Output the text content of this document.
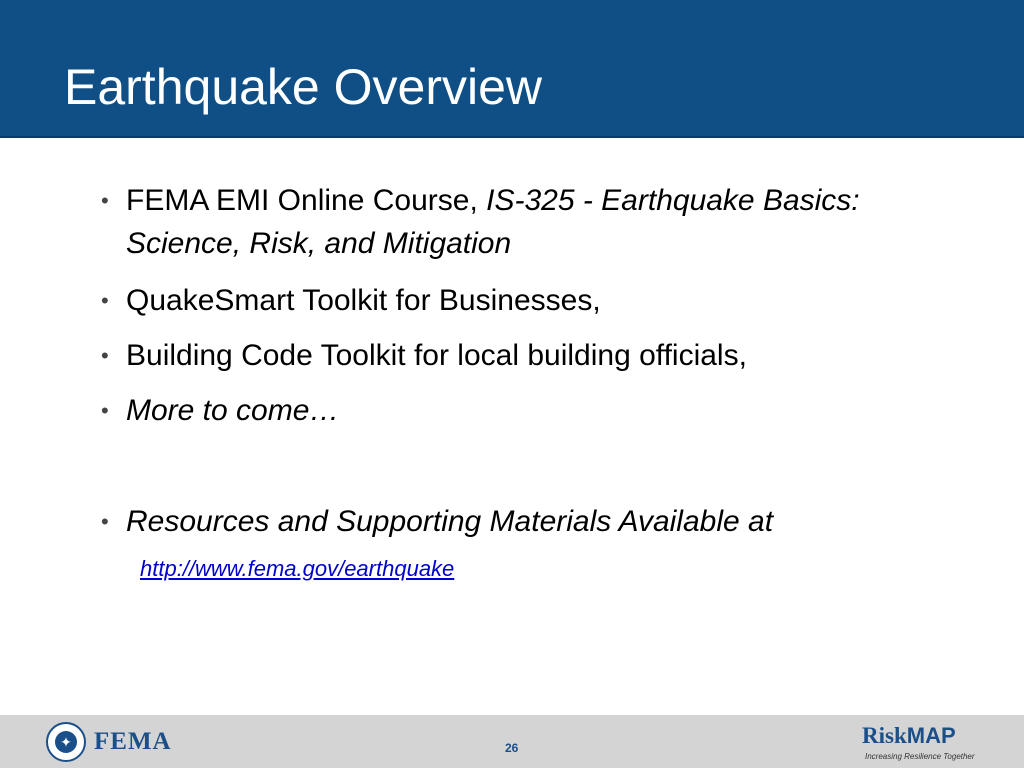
Earthquake Overview
• FEMA EMI Online Course, IS-325 - Earthquake Basics: Science, Risk, and Mitigation
• QuakeSmart Toolkit for Businesses,
• Building Code Toolkit for local building officials,
• More to come…
• Resources and Supporting Materials Available at
http://www.fema.gov/earthquake
✦ FEMA	26	RiskMAP
Increasing Resilience Together
